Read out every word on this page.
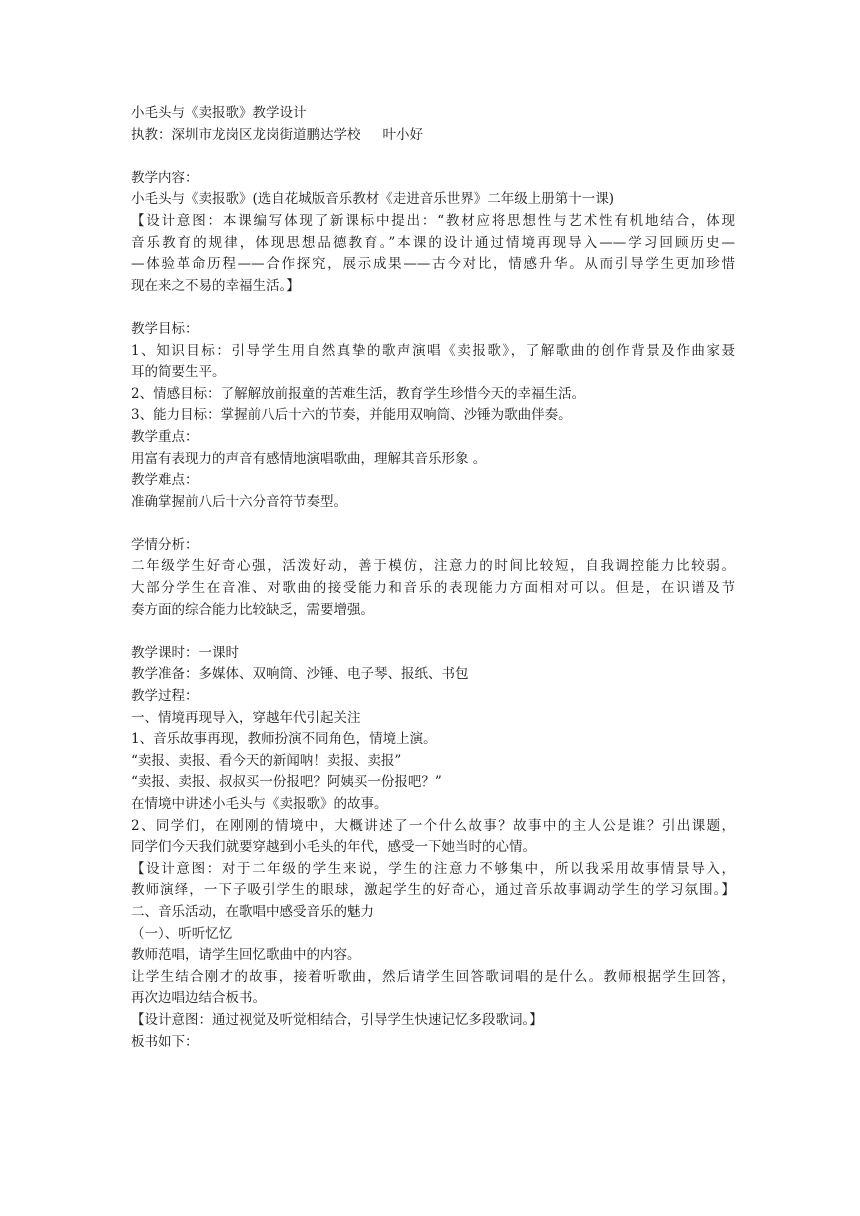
小毛头与《卖报歌》教学设计
执教：深圳市龙岗区龙岗街道鹏达学校 叶小好
教学内容：
小毛头与《卖报歌》(选自花城版音乐教材《走进音乐世界》二年级上册第十一课)
【设计意图：本课编写体现了新课标中提出：“教材应将思想性与艺术性有机地结合，体现
音乐教育的规律，体现思想品德教育。”本课的设计通过情境再现导入——学习回顾历史—
—体验革命历程——合作探究，展示成果——古今对比，情感升华。从而引导学生更加珍惜
现在来之不易的幸福生活。】
教学目标：
1、知识目标：引导学生用自然真挚的歌声演唱《卖报歌》，了解歌曲的创作背景及作曲家聂
耳的简要生平。
2、情感目标：了解解放前报童的苦难生活，教育学生珍惜今天的幸福生活。
3、能力目标：掌握前八后十六的节奏，并能用双响筒、沙锤为歌曲伴奏。
教学重点：
用富有表现力的声音有感情地演唱歌曲，理解其音乐形象 。
教学难点：
准确掌握前八后十六分音符节奏型。
学情分析：
二年级学生好奇心强，活泼好动，善于模仿，注意力的时间比较短，自我调控能力比较弱。
大部分学生在音准、对歌曲的接受能力和音乐的表现能力方面相对可以。但是，在识谱及节
奏方面的综合能力比较缺乏，需要增强。
教学课时：一课时
教学准备：多媒体、双响筒、沙锤、电子琴、报纸、书包
教学过程：
一、情境再现导入，穿越年代引起关注
1、音乐故事再现，教师扮演不同角色，情境上演。
“卖报、卖报、看今天的新闻呐！卖报、卖报”
“卖报、卖报、叔叔买一份报吧？阿姨买一份报吧？”
在情境中讲述小毛头与《卖报歌》的故事。
2、同学们，在刚刚的情境中，大概讲述了一个什么故事？故事中的主人公是谁？引出课题，
同学们今天我们就要穿越到小毛头的年代，感受一下她当时的心情。
【设计意图：对于二年级的学生来说，学生的注意力不够集中，所以我采用故事情景导入，
教师演绎，一下子吸引学生的眼球，激起学生的好奇心，通过音乐故事调动学生的学习氛围。】
二、音乐活动，在歌唱中感受音乐的魅力
（一）、听听忆忆
教师范唱，请学生回忆歌曲中的内容。
让学生结合刚才的故事，接着听歌曲，然后请学生回答歌词唱的是什么。教师根据学生回答，
再次边唱边结合板书。
【设计意图：通过视觉及听觉相结合，引导学生快速记忆多段歌词。】
板书如下：
